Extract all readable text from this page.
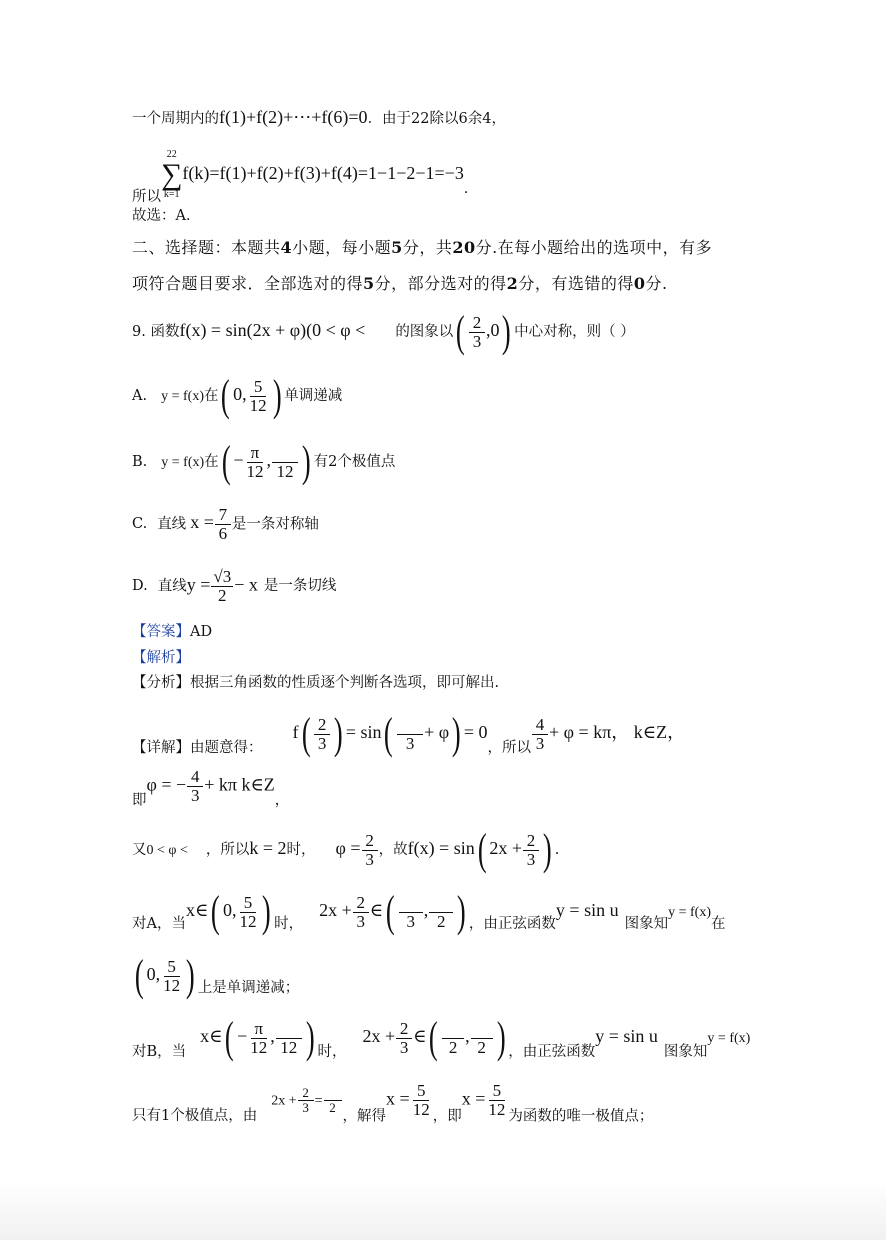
一个周期内的f(1)+f(2)+⋯+f(6)=0．由于22除以6余4，
所以
22
∑
k=1
f(k)=f(1)+f(2)+f(3)+f(4)=1−1−2−1=−3．
故选：A．
二、选择题：本题共4小题，每小题5分，共20分.在每小题给出的选项中，有多
项符合题目要求．全部选对的得5分，部分选对的得2分，有选错的得0分.
9. 函数f(x) = sin(2x + φ)(0 < φ < 的图象以( $\frac{2}{3} ,0$) 中心对称，则（ ）
A. y = f(x)在( 0, $\frac{5}{12}$ ) 单调递减
B. y = f(x)在( − $\frac{\pi}{12}$ ,
12 ) 有2个极值点
C. 直线 $x = \frac{7}{6}$ 是一条对称轴
D. 直线$y = \frac{√3}{2} - x$ 是一条切线
【答案】AD
【解析】
【分析】根据三角函数的性质逐个判断各选项，即可解出.
【详解】由题意得：$f( \frac{2}{3}$ ) = sin( 3
+ φ) = 0，所以 $\frac{4}{3} + \varphi = k\pi$， k∈Z，
即φ = − $\frac{4}{3} + k\pi$ k∈Z，
又0 < φ < ，所以k = 2时， $\varphi = \frac{2}{3}$ ，故f(x) = sin( $2x + \frac{2}{3}$ ) .
对A，当x∈( 0, $\frac{5}{12}$ ) 时，$2x + \frac{2}{3}$ ∈( 3
,
2 ) ，由正弦函数y = sin u图象知y = f(x)在
( 0, $\frac{5}{12}$ ) 上是单调递减；
对B，当x∈( − $\frac{\pi}{12}$ ,
12 ) 时，$2x + \frac{2}{3}$ ∈( 2
,
2 ) ，由正弦函数y = sin u图象知y = f(x)
只有1个极值点，由$2x + \frac{2}{3} = 2$
，解得$x = \frac{5}{12}$ ，即$x = \frac{5}{12}$ 为函数的唯一极值点；
